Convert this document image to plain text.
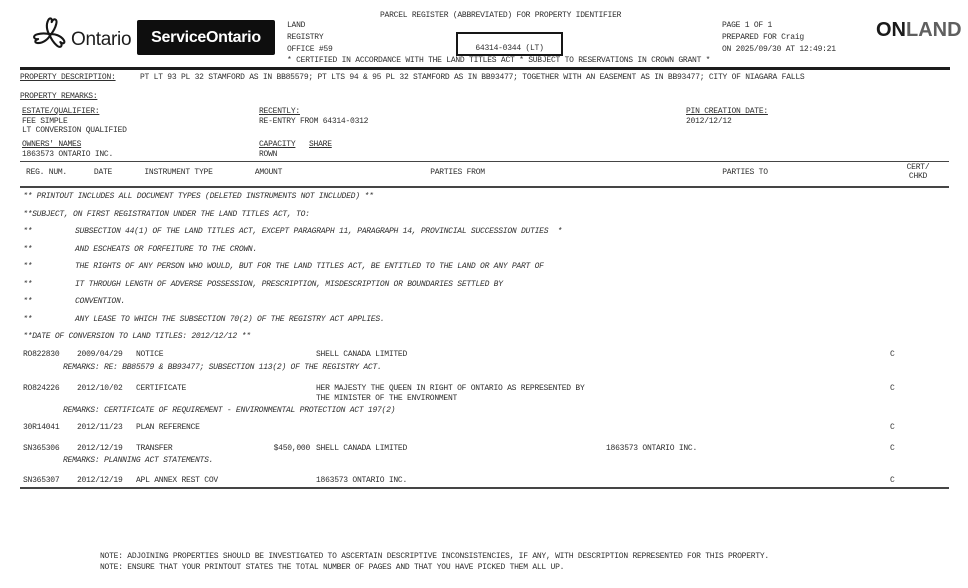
Ontario	ServiceOntario
LAND
REGISTRY
OFFICE #59
PARCEL REGISTER (ABBREVIATED) FOR PROPERTY IDENTIFIER
64314-0344 (LT)
* CERTIFIED IN ACCORDANCE WITH THE LAND TITLES ACT * SUBJECT TO RESERVATIONS IN CROWN GRANT *
PAGE 1 OF 1
PREPARED FOR Craig
ON 2025/09/30 AT 12:49:21
ONLAND
PROPERTY DESCRIPTION:	PT LT 93 PL 32 STAMFORD AS IN BB85579; PT LTS 94 & 95 PL 32 STAMFORD AS IN BB93477; TOGETHER WITH AN EASEMENT AS IN BB93477; CITY OF NIAGARA FALLS
PROPERTY REMARKS:
ESTATE/QUALIFIER:	RECENTLY:	PIN CREATION DATE:
FEE SIMPLE
LT CONVERSION QUALIFIED
RE-ENTRY FROM 64314-0312	2012/12/12
OWNERS' NAMES	CAPACITY SHARE
1863573 ONTARIO INC.	ROWN
REG. NUM.	DATE	INSTRUMENT TYPE	AMOUNT	PARTIES FROM	PARTIES TO
CERT/
CHKD
** PRINTOUT INCLUDES ALL DOCUMENT TYPES (DELETED INSTRUMENTS NOT INCLUDED) **
**SUBJECT, ON FIRST REGISTRATION UNDER THE LAND TITLES ACT, TO:
**	SUBSECTION 44(1) OF THE LAND TITLES ACT, EXCEPT PARAGRAPH 11, PARAGRAPH 14, PROVINCIAL SUCCESSION DUTIES  *
**	AND ESCHEATS OR FORFEITURE TO THE CROWN.
**	THE RIGHTS OF ANY PERSON WHO WOULD, BUT FOR THE LAND TITLES ACT, BE ENTITLED TO THE LAND OR ANY PART OF
**	IT THROUGH LENGTH OF ADVERSE POSSESSION, PRESCRIPTION, MISDESCRIPTION OR BOUNDARIES SETTLED BY
**	CONVENTION.
**	ANY LEASE TO WHICH THE SUBSECTION 70(2) OF THE REGISTRY ACT APPLIES.
**DATE OF CONVERSION TO LAND TITLES: 2012/12/12 **
RO822830 2009/04/29 NOTICE	SHELL CANADA LIMITED	C
REMARKS: RE: BB85579 & BB93477; SUBSECTION 113(2) OF THE REGISTRY ACT.
RO824226 2012/10/02 CERTIFICATE	HER MAJESTY THE QUEEN IN RIGHT OF ONTARIO AS REPRESENTED BY
THE MINISTER OF THE ENVIRONMENT
C
REMARKS: CERTIFICATE OF REQUIREMENT - ENVIRONMENTAL PROTECTION ACT 197(2)
30R14041 2012/11/23 PLAN REFERENCE	C
SN365306 2012/12/19 TRANSFER	$450,000 SHELL CANADA LIMITED	1863573 ONTARIO INC.	C
REMARKS: PLANNING ACT STATEMENTS.
SN365307 2012/12/19 APL ANNEX REST COV	1863573 ONTARIO INC.	C
NOTE: ADJOINING PROPERTIES SHOULD BE INVESTIGATED TO ASCERTAIN DESCRIPTIVE INCONSISTENCIES, IF ANY, WITH DESCRIPTION REPRESENTED FOR THIS PROPERTY.
NOTE: ENSURE THAT YOUR PRINTOUT STATES THE TOTAL NUMBER OF PAGES AND THAT YOU HAVE PICKED THEM ALL UP.
